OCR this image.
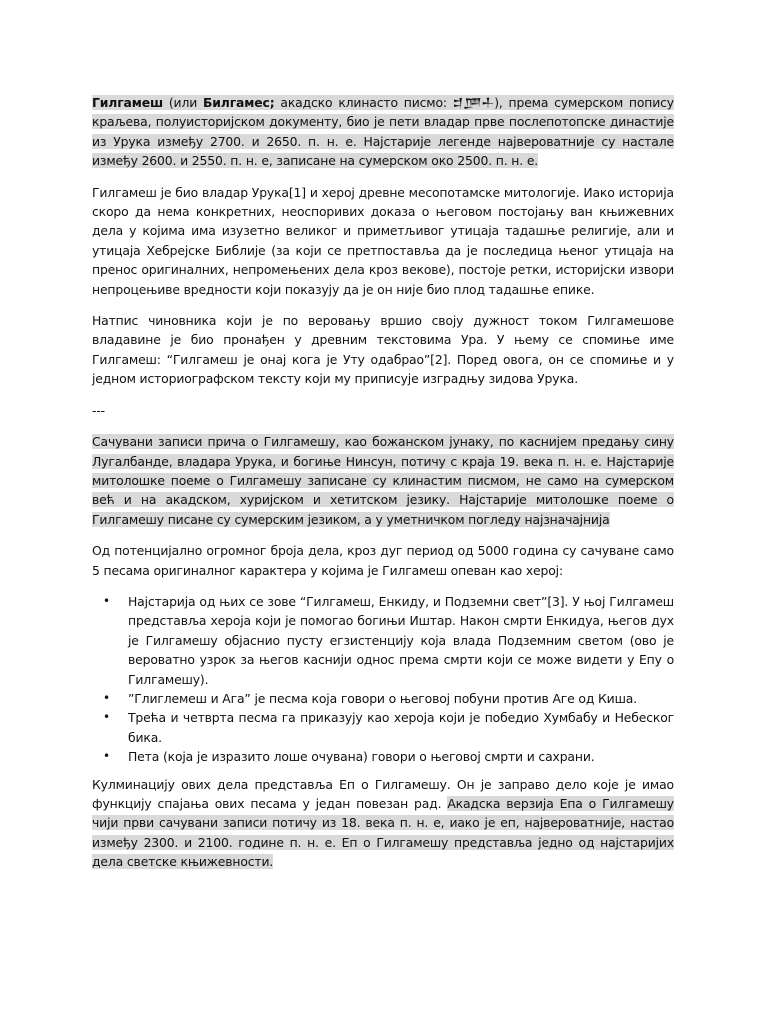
Гилгамеш (или Билгамес; акадско клинасто писмо: 𒄑𒂆𒈦), према сумерском попису краљева, полуисторијском документу, био је пети владар прве послепотопске династије из Урука између 2700. и 2650. п. н. е. Најстарије легенде највероватније су настале између 2600. и 2550. п. н. е, записане на сумерском око 2500. п. н. е.

Гилгамеш је био владар Урука[1] и херој древне месопотамске митологије. Иако историја скоро да нема конкретних, неоспоривих доказа о његовом постојању ван књижевних дела у којима има изузетно великог и приметљивог утицаја тадашње религије, али и утицаја Хебрејске Библије (за који се претпоставља да је последица њеног утицаја на пренос оригиналних, непромењених дела кроз векове), постоје ретки, историјски извори непроцењиве вредности који показују да је он није био плод тадашње епике.

Натпис чиновника који је по веровању вршио своју дужност током Гилгамешове владавине је био пронађен у древним текстовима Ура. У њему се спомиње име Гилгамеш: “Гилгамеш је онај кога је Уту одабрао”[2]. Поред овога, он се спомиње и у једном историографском тексту који му приписује изградњу зидова Урука.

---

Сачувани записи прича о Гилгамешу, као божанском јунаку, по каснијем предању сину Лугалбанде, владара Урука, и богиње Нинсун, потичу с краја 19. века п. н. е. Најстарије митолошке поеме о Гилгамешу записане су клинастим писмом, не само на сумерском већ и на акадском, хуријском и хетитском језику. Најстарије митолошке поеме о Гилгамешу писане су сумерским језиком, а у уметничком погледу најзначајнија

Од потенцијално огромног броја дела, кроз дуг период од 5000 година су сачуване само 5 песама оригиналног карактера у којима је Гилгамеш опеван као херој:

• Најстарија од њих се зове “Гилгамеш, Енкиду, и Подземни свет”[3]. У њој Гилгамеш представља хероја који је помогао богињи Иштар. Након смрти Енкидуа, његов дух је Гилгамешу објаснио пусту егзистенцију која влада Подземним светом (ово је вероватно узрок за његов каснији однос према смрти који се може видети у Епу о Гилгамешу).
• ”Глиглемеш и Ага” је песма која говори о његовој побуни против Аге од Киша.
• Трећа и четврта песма га приказују као хероја који је победио Хумбабу и Небеског бика.
• Пета (која је изразито лоше очувана) говори о његовој смрти и сахрани.

Кулминацију ових дела представља Еп о Гилгамешу. Он је заправо дело које је имао функцију спајања ових песама у један повезан рад. Акадска верзија Епа о Гилгамешу чији први сачувани записи потичу из 18. века п. н. е, иако је еп, највероватније, настао између 2300. и 2100. године п. н. е. Еп о Гилгамешу представља једно од најстаријих дела светске књижевности.
